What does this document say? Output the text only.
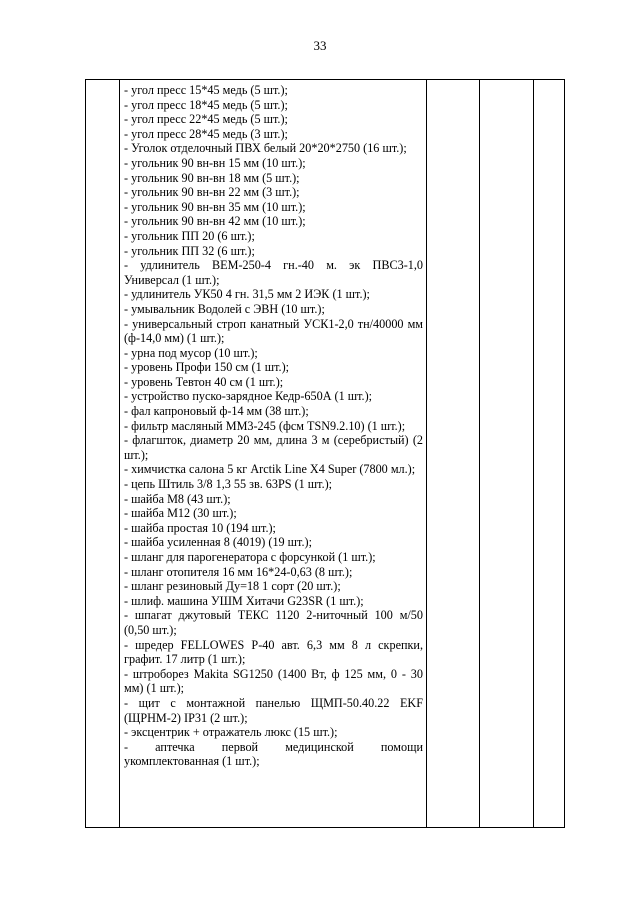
33
- угол пресс 15*45 медь (5 шт.);
- угол пресс 18*45 медь (5 шт.);
- угол пресс 22*45 медь (5 шт.);
- угол пресс 28*45 медь (3 шт.);
- Уголок отделочный ПВХ белый 20*20*2750 (16 шт.);
- угольник 90 вн-вн 15 мм (10 шт.);
- угольник 90 вн-вн 18 мм (5 шт.);
- угольник 90 вн-вн 22 мм (3 шт.);
- угольник 90 вн-вн 35 мм (10 шт.);
- угольник 90 вн-вн 42 мм (10 шт.);
- угольник ПП 20 (6 шт.);
- угольник ПП 32 (6 шт.);
- удлинитель ВЕМ-250-4 гн.-40 м. эк ПВС3-1,0 Универсал (1 шт.);
- удлинитель УК50 4 гн. 31,5 мм 2 ИЭК (1 шт.);
- умывальник Водолей с ЭВН (10 шт.);
- универсальный строп канатный УСК1-2,0 тн/40000 мм (ф-14,0 мм) (1 шт.);
- урна под мусор (10 шт.);
- уровень Профи 150 см (1 шт.);
- уровень Тевтон 40 см (1 шт.);
- устройство пуско-зарядное Кедр-650А (1 шт.);
- фал капроновый ф-14 мм (38 шт.);
- фильтр масляный ММ3-245 (фсм TSN9.2.10) (1 шт.);
- флагшток, диаметр 20 мм, длина 3 м (серебристый) (2 шт.);
- химчистка салона 5 кг Arctik Line X4 Super (7800 мл.);
- цепь Штиль 3/8 1,3 55 зв. 63PS (1 шт.);
- шайба М8 (43 шт.);
- шайба М12 (30 шт.);
- шайба простая 10 (194 шт.);
- шайба усиленная 8 (4019) (19 шт.);
- шланг для парогенератора с форсункой (1 шт.);
- шланг отопителя 16 мм 16*24-0,63 (8 шт.);
- шланг резиновый Ду=18 1 сорт (20 шт.);
- шлиф. машина УШМ Хитачи G23SR (1 шт.);
- шпагат джутовый ТЕКС 1120 2-ниточный 100 м/50 (0,50 шт.);
- шредер FELLOWES P-40 авт. 6,3 мм 8 л скрепки, графит. 17 литр (1 шт.);
- штроборез Makita SG1250 (1400 Вт, ф 125 мм, 0 - 30 мм) (1 шт.);
- щит с монтажной панелью ЩМП-50.40.22 EKF (ЩРНМ-2) IP31 (2 шт.);
- эксцентрик + отражатель люкс (15 шт.);
- аптечка первой медицинской помощи укомплектованная (1 шт.);
